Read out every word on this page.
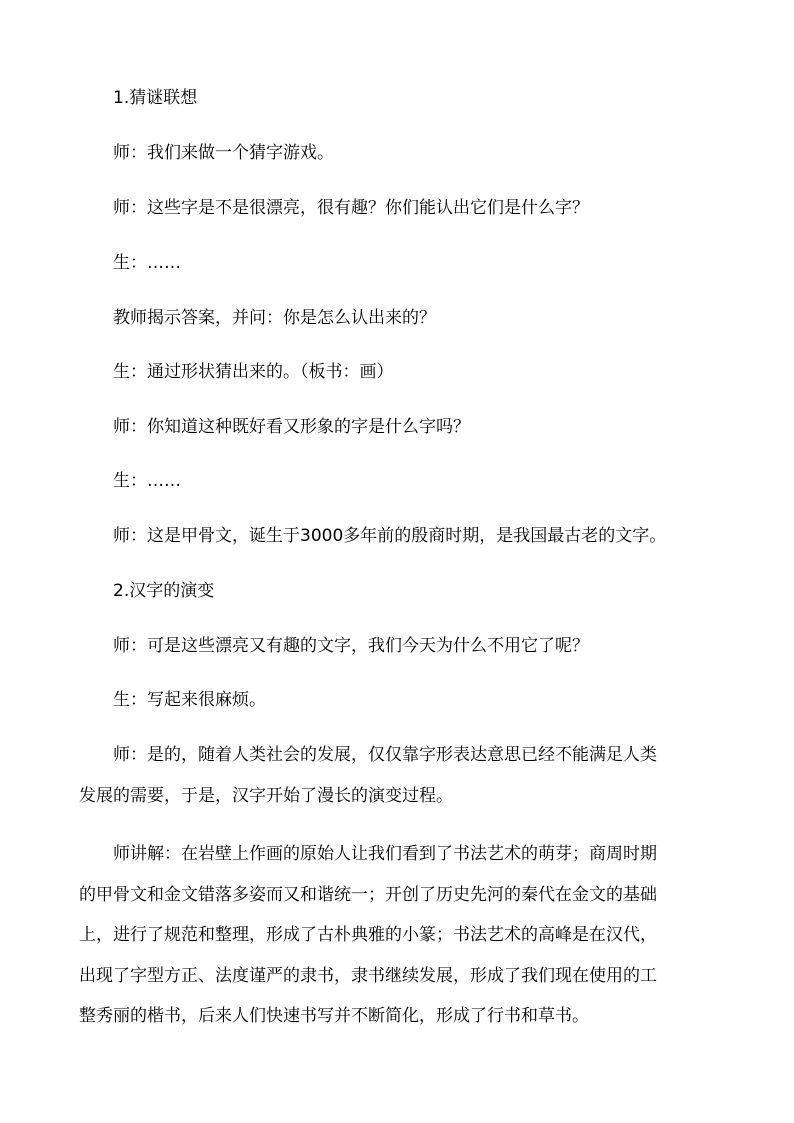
1.猜谜联想

师：我们来做一个猜字游戏。

师：这些字是不是很漂亮，很有趣？你们能认出它们是什么字？

生：……

教师揭示答案，并问：你是怎么认出来的？

生：通过形状猜出来的。（板书：画）

师：你知道这种既好看又形象的字是什么字吗？

生：……

师：这是甲骨文，诞生于3000多年前的殷商时期，是我国最古老的文字。

2.汉字的演变

师：可是这些漂亮又有趣的文字，我们今天为什么不用它了呢？

生：写起来很麻烦。

师：是的，随着人类社会的发展，仅仅靠字形表达意思已经不能满足人类

发展的需要，于是，汉字开始了漫长的演变过程。

师讲解：在岩壁上作画的原始人让我们看到了书法艺术的萌芽；商周时期

的甲骨文和金文错落多姿而又和谐统一；开创了历史先河的秦代在金文的基础

上，进行了规范和整理，形成了古朴典雅的小篆；书法艺术的高峰是在汉代，

出现了字型方正、法度谨严的隶书，隶书继续发展，形成了我们现在使用的工

整秀丽的楷书，后来人们快速书写并不断简化，形成了行书和草书。
